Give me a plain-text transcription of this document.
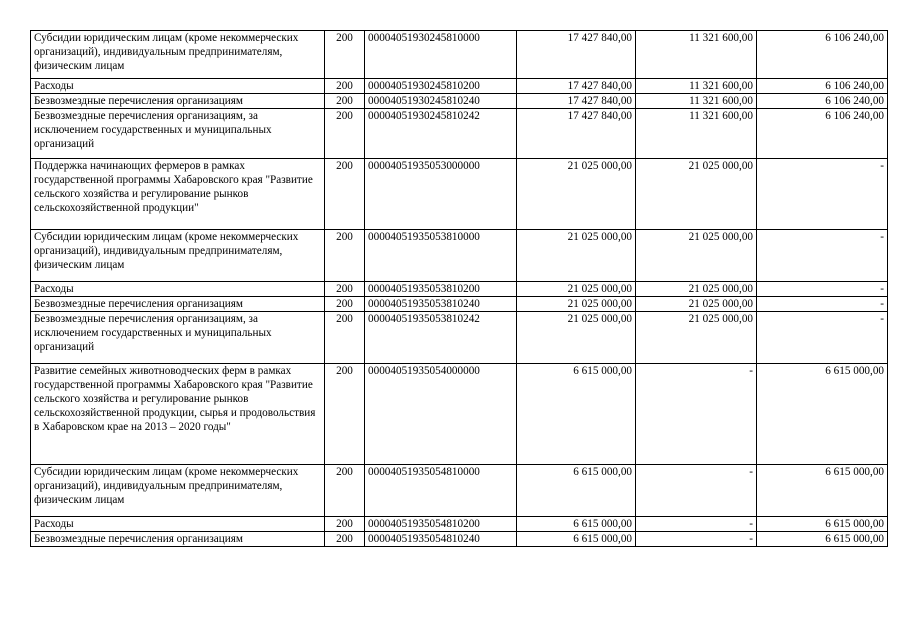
Субсидии юридическим лицам (кроме некоммерческих организаций), индивидуальным предпринимателям, физическим лицам	200	00004051930245810000	17 427 840,00	11 321 600,00	6 106 240,00
Расходы	200	00004051930245810200	17 427 840,00	11 321 600,00	6 106 240,00
Безвозмездные перечисления организациям	200	00004051930245810240	17 427 840,00	11 321 600,00	6 106 240,00
Безвозмездные перечисления организациям, за исключением государственных и муниципальных организаций	200	00004051930245810242	17 427 840,00	11 321 600,00	6 106 240,00
Поддержка начинающих фермеров в рамках государственной программы Хабаровского края "Развитие сельского хозяйства и регулирование рынков сельскохозяйственной продукции"	200	00004051935053000000	21 025 000,00	21 025 000,00	-
Субсидии юридическим лицам (кроме некоммерческих организаций), индивидуальным предпринимателям, физическим лицам	200	00004051935053810000	21 025 000,00	21 025 000,00	-
Расходы	200	00004051935053810200	21 025 000,00	21 025 000,00	-
Безвозмездные перечисления организациям	200	00004051935053810240	21 025 000,00	21 025 000,00	-
Безвозмездные перечисления организациям, за исключением государственных и муниципальных организаций	200	00004051935053810242	21 025 000,00	21 025 000,00	-
Развитие семейных животноводческих ферм в рамках государственной программы Хабаровского края "Развитие сельского хозяйства и регулирование рынков сельскохозяйственной продукции, сырья и продовольствия в Хабаровском крае на 2013 – 2020 годы"	200	00004051935054000000	6 615 000,00	-	6 615 000,00
Субсидии юридическим лицам (кроме некоммерческих организаций), индивидуальным предпринимателям, физическим лицам	200	00004051935054810000	6 615 000,00	-	6 615 000,00
Расходы	200	00004051935054810200	6 615 000,00	-	6 615 000,00
Безвозмездные перечисления организациям	200	00004051935054810240	6 615 000,00	-	6 615 000,00
